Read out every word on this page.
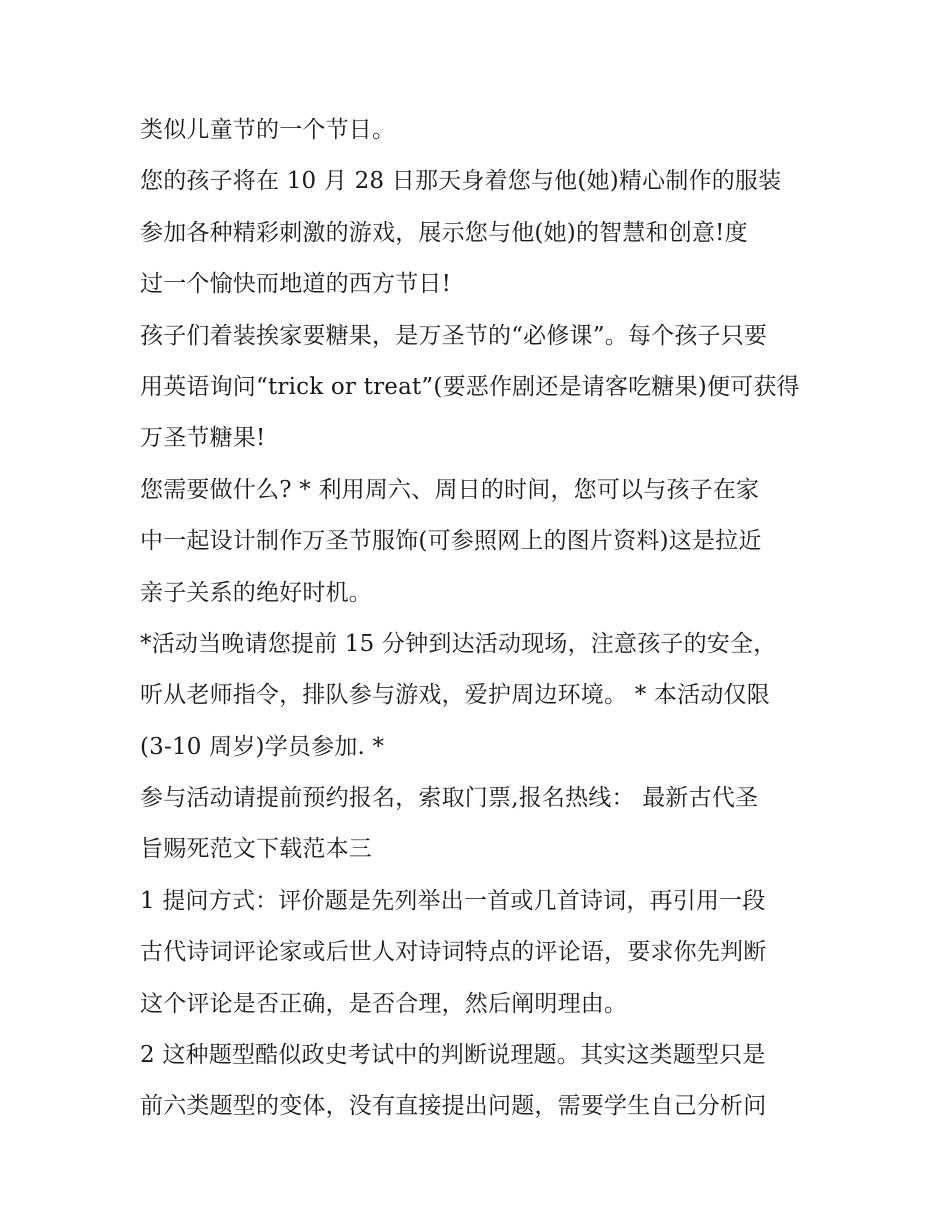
类似儿童节的一个节日。
您的孩子将在 10 月 28 日那天身着您与他(她)精心制作的服装
参加各种精彩刺激的游戏，展示您与他(她)的智慧和创意!度
过一个愉快而地道的西方节日!
孩子们着装挨家要糖果，是万圣节的“必修课”。每个孩子只要
用英语询问“trick or treat”(要恶作剧还是请客吃糖果)便可获得
万圣节糖果!
您需要做什么? * 利用周六、周日的时间，您可以与孩子在家
中一起设计制作万圣节服饰(可参照网上的图片资料)这是拉近
亲子关系的绝好时机。
*活动当晚请您提前 15 分钟到达活动现场，注意孩子的安全，
听从老师指令，排队参与游戏，爱护周边环境。 * 本活动仅限
(3-10 周岁)学员参加. *
参与活动请提前预约报名，索取门票,报名热线： 最新古代圣
旨赐死范文下载范本三
1 提问方式：评价题是先列举出一首或几首诗词，再引用一段
古代诗词评论家或后世人对诗词特点的评论语，要求你先判断
这个评论是否正确，是否合理，然后阐明理由。
2 这种题型酷似政史考试中的判断说理题。其实这类题型只是
前六类题型的变体，没有直接提出问题，需要学生自己分析问
